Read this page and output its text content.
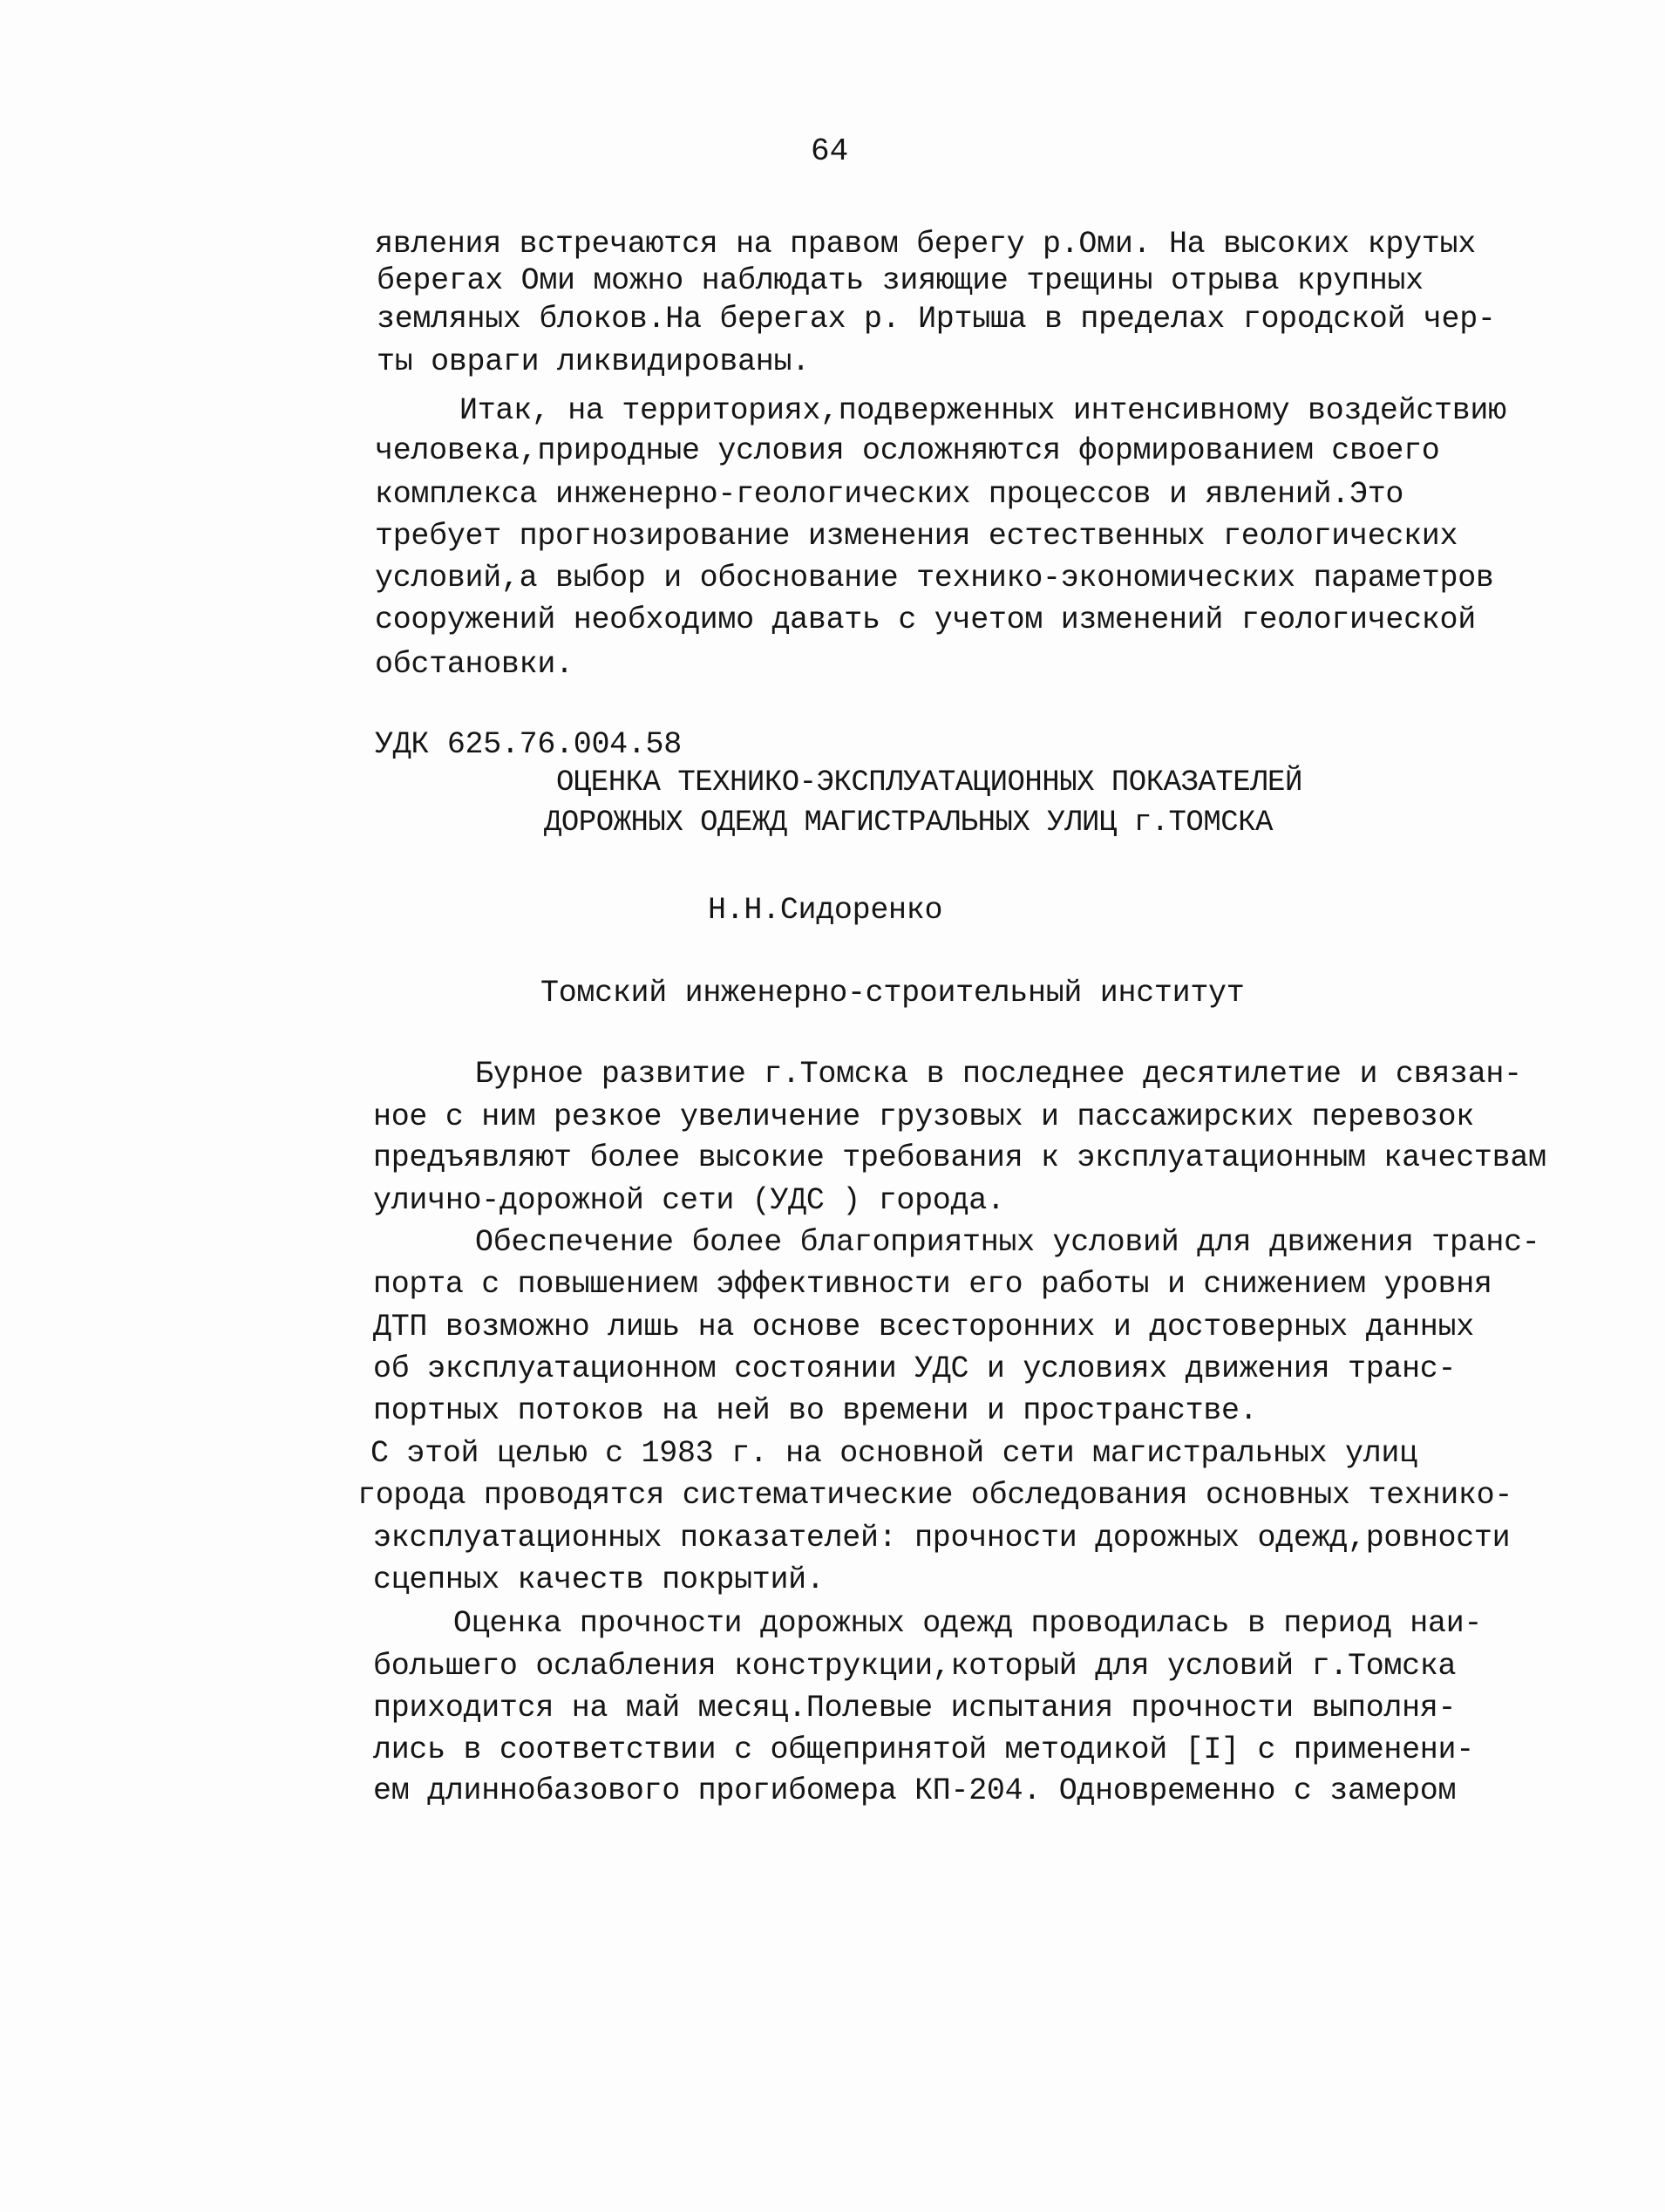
64
явления встречаются на правом берегу р.Оми. На высоких крутых
берегах Оми можно наблюдать зияющие трещины отрыва крупных
земляных блоков.На берегах р. Иртыша в пределах городской чер-
ты овраги ликвидированы.
Итак, на территориях,подверженных интенсивному воздействию
человека,природные условия осложняются формированием своего
комплекса инженерно-геологических процессов и явлений.Это
требует прогнозирование изменения естественных геологических
условий,а выбор и обоснование технико-экономических параметров
сооружений необходимо давать с учетом изменений геологической
обстановки.
УДК 625.76.004.58
ОЦЕНКА ТЕХНИКО-ЭКСПЛУАТАЦИОННЫХ ПОКАЗАТЕЛЕЙ
ДОРОЖНЫХ ОДЕЖД МАГИСТРАЛЬНЫХ УЛИЦ г.ТОМСКА
Н.Н.Сидоренко
Томский инженерно-строительный институт
Бурное развитие г.Томска в последнее десятилетие и связан-
ное с ним резкое увеличение грузовых и пассажирских перевозок
предъявляют более высокие требования к эксплуатационным качествам
улично-дорожной сети (УДС ) города.
Обеспечение более благоприятных условий для движения транс-
порта с повышением эффективности его работы и снижением уровня
ДТП возможно лишь на основе всесторонних и достоверных данных
об эксплуатационном состоянии УДС и условиях движения транс-
портных потоков на ней во времени и пространстве.
С этой целью с 1983 г. на основной сети магистральных улиц
города проводятся систематические обследования основных технико-
эксплуатационных показателей: прочности дорожных одежд,ровности
сцепных качеств покрытий.
Оценка прочности дорожных одежд проводилась в период наи-
большего ослабления конструкции,который для условий г.Томска
приходится на май месяц.Полевые испытания прочности выполня-
лись в соответствии с общепринятой методикой [I] с применени-
ем длиннобазового прогибомера КП-204. Одновременно с замером
